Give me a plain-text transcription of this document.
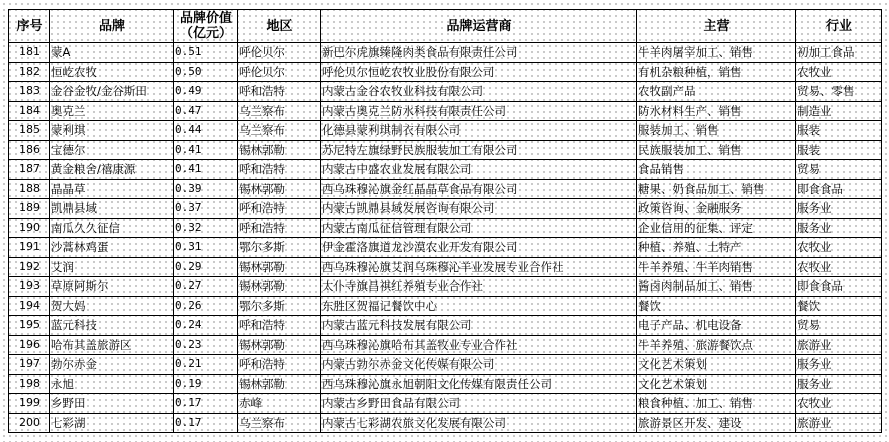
序号	品牌	品牌价值（亿元）	地区	品牌运营商	主营	行业
181	蒙A	0.51	呼伦贝尔	新巴尔虎旗臻隆肉类食品有限责任公司	牛羊肉屠宰加工、销售	初加工食品
182	恒屹农牧	0.50	呼伦贝尔	呼伦贝尔恒屹农牧业股份有限公司	有机杂粮种植，销售	农牧业
183	金谷金牧/金谷斯田	0.49	呼和浩特	内蒙古金谷农牧业科技有限公司	农牧副产品	贸易、零售
184	奥克兰	0.47	乌兰察布	内蒙古奥克兰防水科技有限责任公司	防水材料生产、销售	制造业
185	蒙利琪	0.44	乌兰察布	化德县蒙利琪制衣有限公司	服装加工、销售	服装
186	宝德尔	0.41	锡林郭勒	苏尼特左旗绿野民族服装加工有限公司	民族服装加工、销售	服装
187	黄金粮舍/禧康源	0.41	呼和浩特	内蒙古中盛农业发展有限公司	食品销售	贸易
188	晶晶草	0.39	锡林郭勒	西乌珠穆沁旗金红晶晶草食品有限公司	糖果、奶食品加工、销售	即食食品
189	凯鼎县域	0.37	呼和浩特	内蒙古凯鼎县域发展咨询有限公司	政策咨询、金融服务	服务业
190	南瓜久久征信	0.32	呼和浩特	内蒙古南瓜征信管理有限公司	企业信用的征集、评定	服务业
191	沙蒿林鸡蛋	0.31	鄂尔多斯	伊金霍洛旗道龙沙漠农业开发有限公司	种植、养殖、土特产	农牧业
192	艾润	0.29	锡林郭勒	西乌珠穆沁旗艾润乌珠穆沁羊业发展专业合作社	牛羊养殖、牛羊肉销售	农牧业
193	草原阿斯尔	0.27	锡林郭勒	太仆寺旗昌祺红养殖专业合作社	酱卤肉制品加工、销售	即食食品
194	贺大妈	0.26	鄂尔多斯	东胜区贺福记餐饮中心	餐饮	餐饮
195	蓝元科技	0.24	呼和浩特	内蒙古蓝元科技发展有限公司	电子产品、机电设备	贸易
196	哈布其盖旅游区	0.23	锡林郭勒	西乌珠穆沁旗哈布其盖牧业专业合作社	牛羊养殖、旅游餐饮点	旅游业
197	勃尔赤金	0.21	呼和浩特	内蒙古勃尔赤金文化传媒有限公司	文化艺术策划	服务业
198	永旭	0.19	锡林郭勒	西乌珠穆沁旗永旭朝阳文化传媒有限责任公司	文化艺术策划	服务业
199	乡野田	0.17	赤峰	内蒙古乡野田食品有限公司	粮食种植、加工、销售	农牧业
200	七彩湖	0.17	乌兰察布	内蒙古七彩湖农旅文化发展有限公司	旅游景区开发、建设	旅游业
